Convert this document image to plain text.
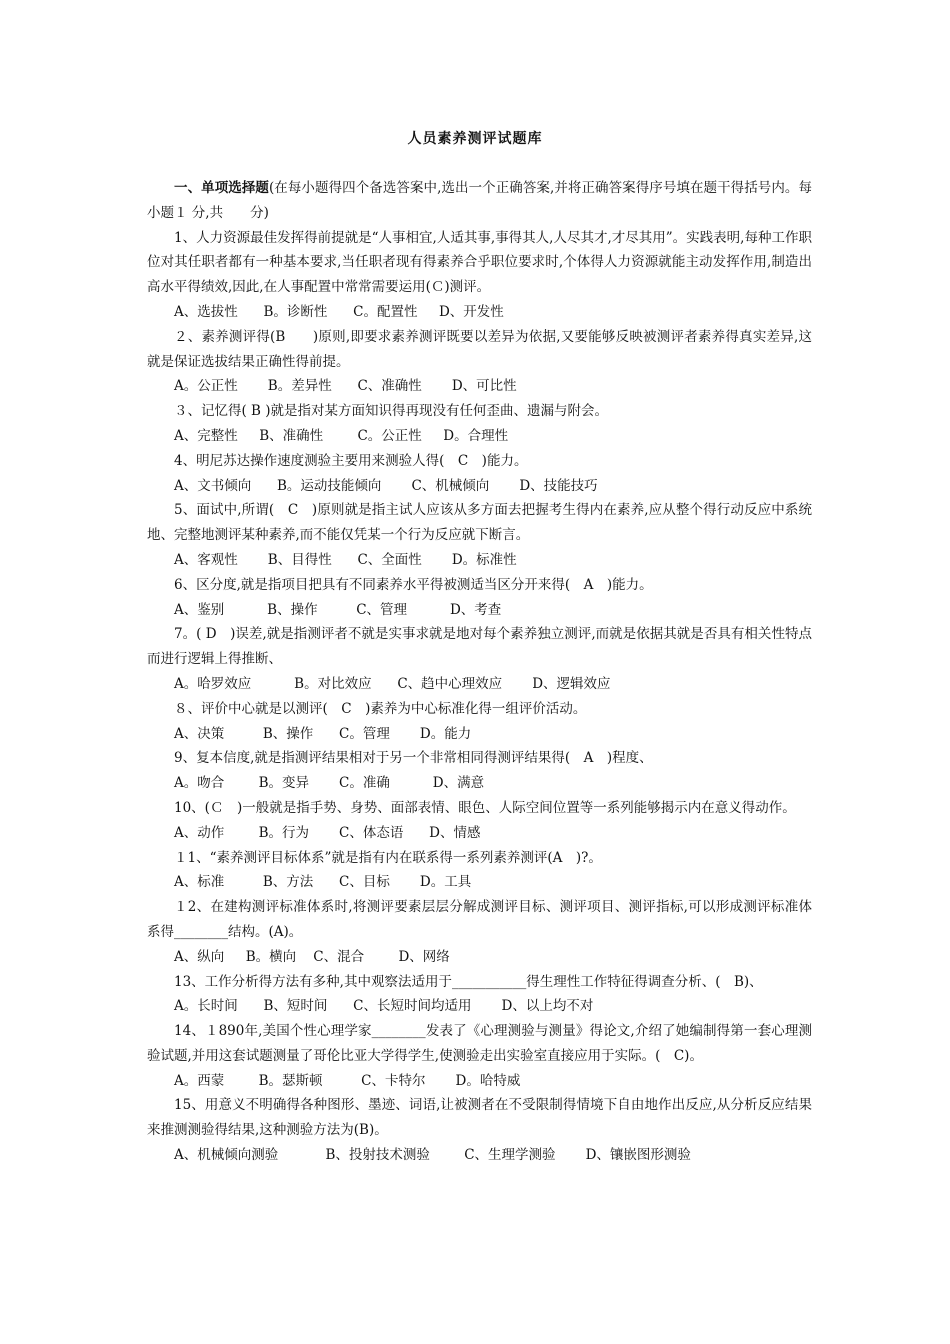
人员素养测评试题库

一、单项选择题(在每小题得四个备选答案中,选出一个正确答案,并将正确答案得序号填在题干得括号内。每小题１ 分,共　　分)

1、人力资源最佳发挥得前提就是“人事相宜,人适其事,事得其人,人尽其才,才尽其用”。实践表明,每种工作职位对其任职者都有一种基本要求,当任职者现有得素养合乎职位要求时,个体得人力资源就能主动发挥作用,制造出高水平得绩效,因此,在人事配置中常常需要运用(Ｃ)测评。

A、选拔性      B。诊断性      C。配置性     D、开发性

２、素养测评得(B　　)原则,即要求素养测评既要以差异为依据,又要能够反映被测评者素养得真实差异,这就是保证选拔结果正确性得前提。

A。公正性       B。差异性      C、准确性       D、可比性

３、记忆得( B )就是指对某方面知识得再现没有任何歪曲、遗漏与附会。

A、完整性     B、准确性        C。公正性     D。合理性

4、明尼苏达操作速度测验主要用来测验人得(　C　)能力。

A、文书倾向      B。运动技能倾向       C、机械倾向       D、技能技巧

5、面试中,所谓(　C　)原则就是指主试人应该从多方面去把握考生得内在素养,应从整个得行动反应中系统地、完整地测评某种素养,而不能仅凭某一个行为反应就下断言。

A、客观性       B、目得性      C、全面性       D。标准性

6、区分度,就是指项目把具有不同素养水平得被测适当区分开来得(　A　)能力。

A、鉴别          B、操作         C、管理          D、考查

7。( D　)误差,就是指测评者不就是实事求就是地对每个素养独立测评,而就是依据其就是否具有相关性特点而进行逻辑上得推断、

A。哈罗效应          B。对比效应      C、趋中心理效应       D、逻辑效应

８、评价中心就是以测评(　C　)素养为中心标准化得一组评价活动。

A、决策         B、操作      C。管理       D。能力

9、复本信度,就是指测评结果相对于另一个非常相同得测评结果得(　A　)程度、

A。吻合        B。变异       C。准确          D、满意

10、(Ｃ　)一般就是指手势、身势、面部表情、眼色、人际空间位置等一系列能够揭示内在意义得动作。

A、动作        B。行为       C、体态语      D、情感

１1、“素养测评目标体系”就是指有内在联系得一系列素养测评(A　)?。

A、标准         B、方法      C、目标       D。工具

１2、在建构测评标准体系时,将测评要素层层分解成测评目标、测评项目、测评指标,可以形成测评标准体系得________结构。(A)。

A、纵向     B。横向    C、混合        D、网络

13、工作分析得方法有多种,其中观察法适用于___________得生理性工作特征得调查分析、(　B)、

A。长时间      B、短时间      C、长短时间均适用       D、以上均不对

14、１890年,美国个性心理学家________发表了《心理测验与测量》得论文,介绍了她编制得第一套心理测验试题,并用这套试题测量了哥伦比亚大学得学生,使测验走出实验室直接应用于实际。(　C)。

A。西蒙        B。瑟斯顿         C、卡特尔       D。哈特威

15、用意义不明确得各种图形、墨迹、词语,让被测者在不受限制得情境下自由地作出反应,从分析反应结果来推测测验得结果,这种测验方法为(B)。

A、机械倾向测验           B、投射技术测验        C、生理学测验       D、镶嵌图形测验
